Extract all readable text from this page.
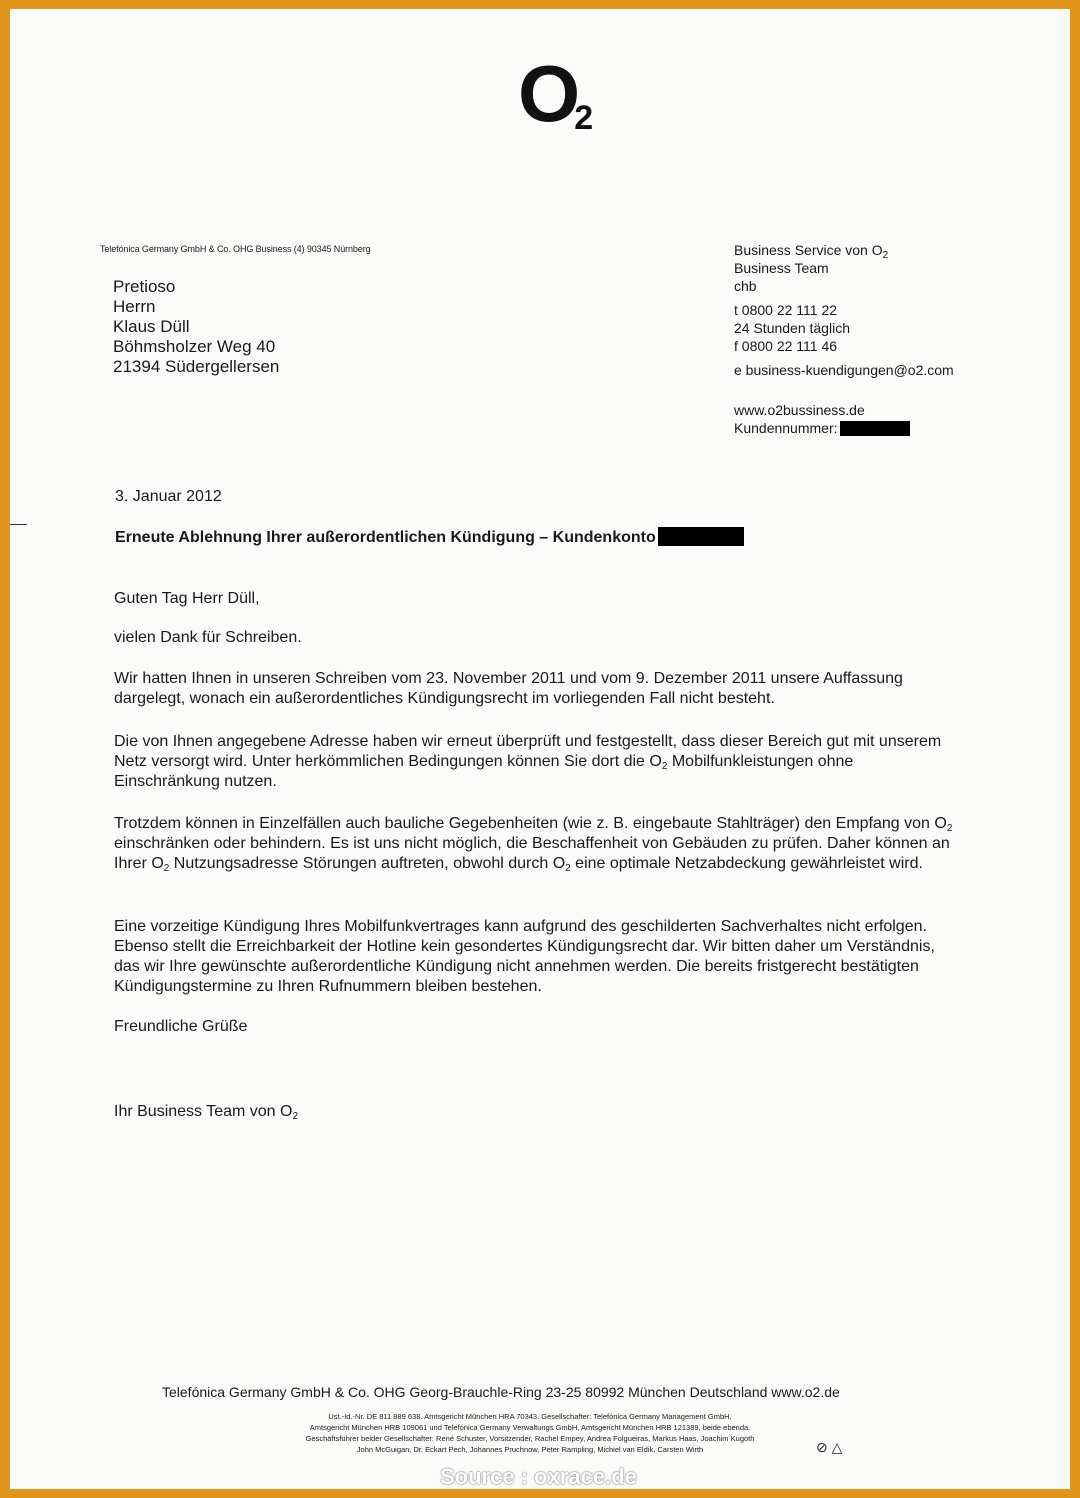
O2
Telefónica Germany GmbH & Co. OHG Business (4) 90345 Nürnberg
Pretioso
Herrn
Klaus Düll
Böhmsholzer Weg 40
21394 Südergellersen
Business Service von $O_2$
Business Team
chb
t 0800 22 111 22
24 Stunden täglich
f 0800 22 111 46
e business-kuendigungen@o2.com
www.o2bussiness.de
Kundennummer:
3. Januar 2012
Erneute Ablehnung Ihrer außerordentlichen Kündigung – Kundenkonto
Guten Tag Herr Düll,
vielen Dank für Schreiben.
Wir hatten Ihnen in unseren Schreiben vom 23. November 2011 und vom 9. Dezember 2011 unsere Auffassung dargelegt, wonach ein außerordentliches Kündigungsrecht im vorliegenden Fall nicht besteht.
Die von Ihnen angegebene Adresse haben wir erneut überprüft und festgestellt, dass dieser Bereich gut mit unserem Netz versorgt wird. Unter herkömmlichen Bedingungen können Sie dort die $O_2$ Mobilfunkleistungen ohne Einschränkung nutzen.
Trotzdem können in Einzelfällen auch bauliche Gegebenheiten (wie z. B. eingebaute Stahlträger) den Empfang von $O_2$ einschränken oder behindern. Es ist uns nicht möglich, die Beschaffenheit von Gebäuden zu prüfen. Daher können an Ihrer $O_2$ Nutzungsadresse Störungen auftreten, obwohl durch $O_2$ eine optimale Netzabdeckung gewährleistet wird.
Eine vorzeitige Kündigung Ihres Mobilfunkvertrages kann aufgrund des geschilderten Sachverhaltes nicht erfolgen. Ebenso stellt die Erreichbarkeit der Hotline kein gesondertes Kündigungsrecht dar. Wir bitten daher um Verständnis, das wir Ihre gewünschte außerordentliche Kündigung nicht annehmen werden. Die bereits fristgerecht bestätigten Kündigungstermine zu Ihren Rufnummern bleiben bestehen.
Freundliche Grüße
Ihr Business Team von $O_2$
Telefónica Germany GmbH & Co. OHG Georg-Brauchle-Ring 23-25 80992 München Deutschland www.o2.de
Ust.-Id.-Nr. DE 811 889 638. Amtsgericht München HRA 70343. Gesellschafter: Telefónica Germany Management GmbH,
Amtsgericht München HRB 109061 und Telefónica Germany Verwaltungs GmbH, Amtsgericht München HRB 121389, beide ebenda.
Geschäftsführer beider Gesellschafter: René Schuster, Vorsitzender, Rachel Empey, Andrea Folgueiras, Markus Haas, Joachim Kugoth
John McGuigan, Dr. Eckart Pech, Johannes Pruchnow, Peter Rampling, Michiel van Eldik, Carsten Wirth	⊘ △
Source : oxrace.de
